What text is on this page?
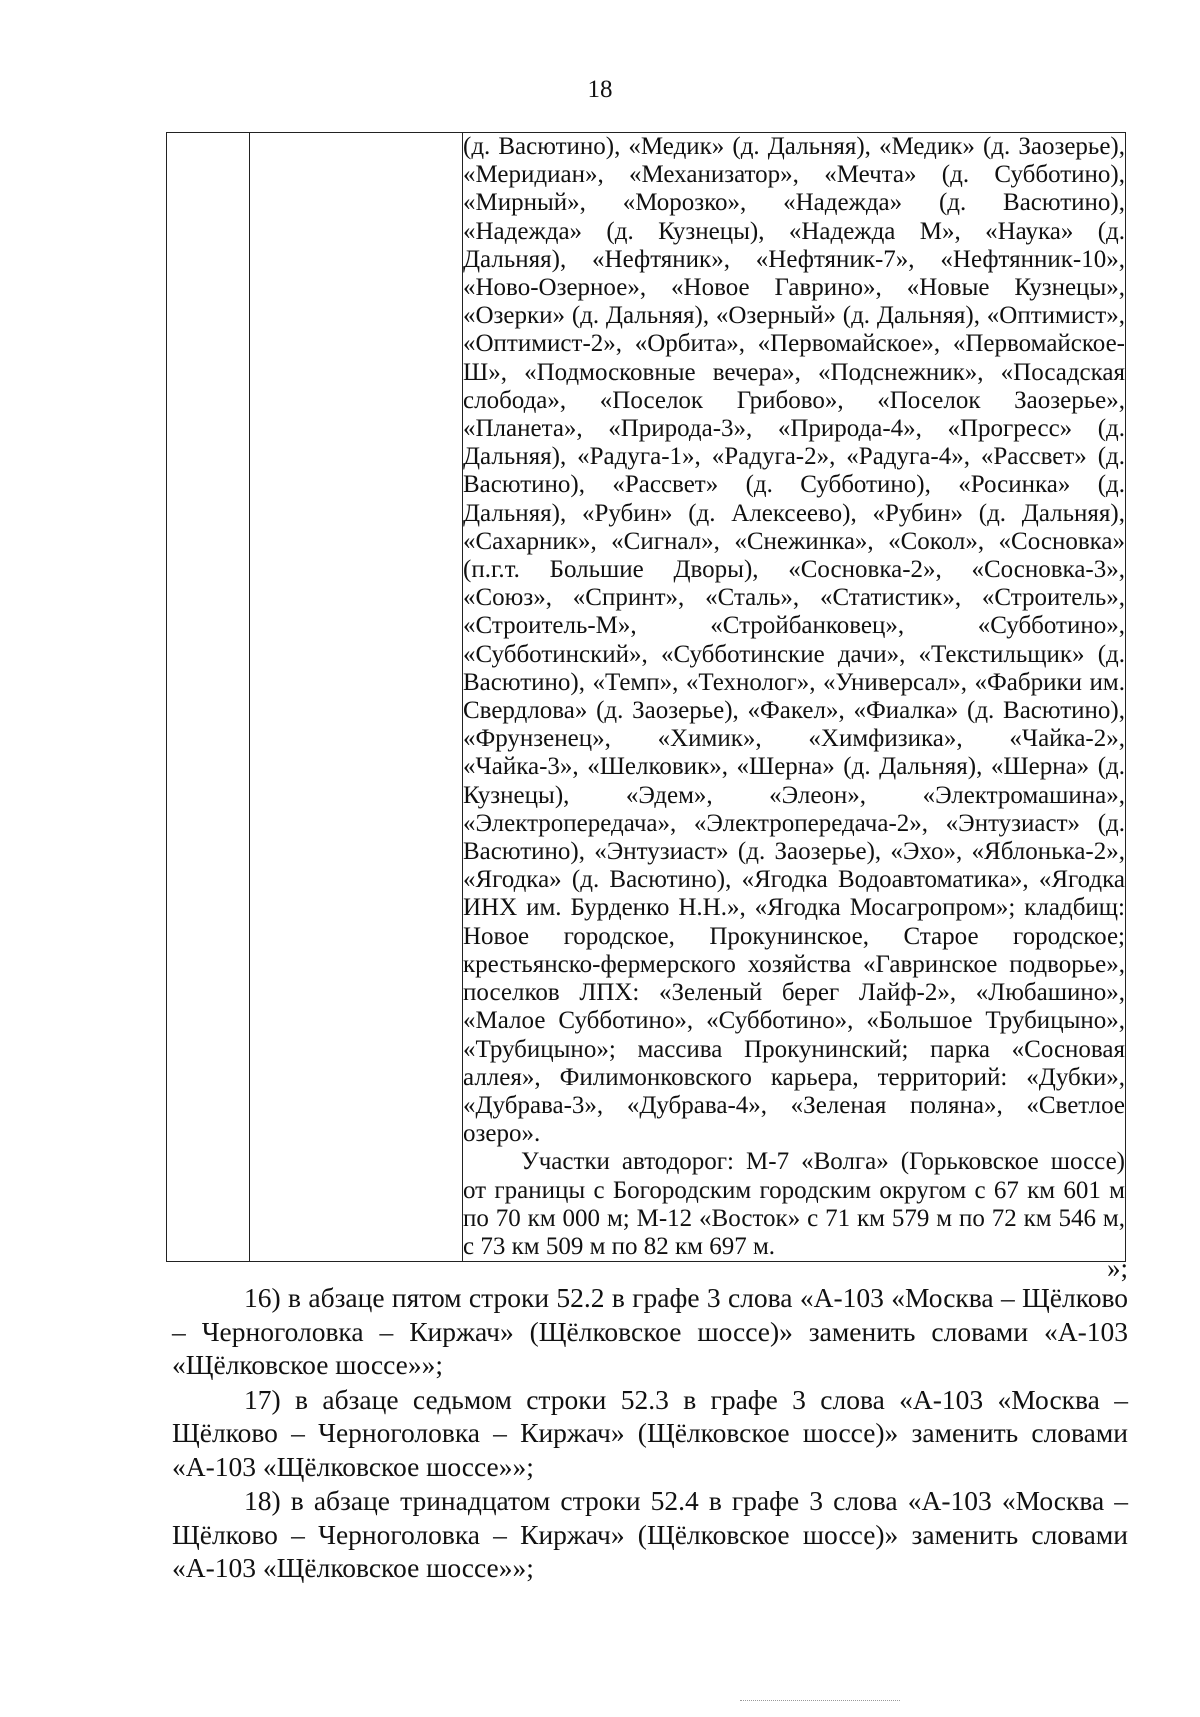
18

(д. Васютино), «Медик» (д. Дальняя), «Медик» (д. Заозерье), «Меридиан», «Механизатор», «Мечта» (д. Субботино), «Мирный», «Морозко», «Надежда» (д. Васютино), «Надежда» (д. Кузнецы), «Надежда М», «Наука» (д. Дальняя), «Нефтяник», «Нефтяник-7», «Нефтянник-10», «Ново-Озерное», «Новое Гаврино», «Новые Кузнецы», «Озерки» (д. Дальняя), «Озерный» (д. Дальняя), «Оптимист», «Оптимист-2», «Орбита», «Первомайское», «Первомайское-Ш», «Подмосковные вечера», «Подснежник», «Посадская слобода», «Поселок Грибово», «Поселок Заозерье», «Планета», «Природа-3», «Природа-4», «Прогресс» (д. Дальняя), «Радуга-1», «Радуга-2», «Радуга-4», «Рассвет» (д. Васютино), «Рассвет» (д. Субботино), «Росинка» (д. Дальняя), «Рубин» (д. Алексеево), «Рубин» (д. Дальняя), «Сахарник», «Сигнал», «Снежинка», «Сокол», «Сосновка» (п.г.т. Большие Дворы), «Сосновка-2», «Сосновка-3», «Союз», «Спринт», «Сталь», «Статистик», «Строитель», «Строитель-М», «Стройбанковец», «Субботино», «Субботинский», «Субботинские дачи», «Текстильщик» (д. Васютино), «Темп», «Технолог», «Универсал», «Фабрики им. Свердлова» (д. Заозерье), «Факел», «Фиалка» (д. Васютино), «Фрунзенец», «Химик», «Химфизика», «Чайка-2», «Чайка-3», «Шелковик», «Шерна» (д. Дальняя), «Шерна» (д. Кузнецы), «Эдем», «Элеон», «Электромашина», «Электропередача», «Электропередача-2», «Энтузиаст» (д. Васютино), «Энтузиаст» (д. Заозерье), «Эхо», «Яблонька-2», «Ягодка» (д. Васютино), «Ягодка Водоавтоматика», «Ягодка ИНХ им. Бурденко Н.Н.», «Ягодка Мосагропром»; кладбищ: Новое городское, Прокунинское, Старое городское; крестьянско-фермерского хозяйства «Гавринское подворье», поселков ЛПХ: «Зеленый берег Лайф-2», «Любашино», «Малое Субботино», «Субботино», «Большое Трубицыно», «Трубицыно»; массива Прокунинский; парка «Сосновая аллея», Филимонковского карьера, территорий: «Дубки», «Дубрава-3», «Дубрава-4», «Зеленая поляна», «Светлое озеро».

Участки автодорог: М-7 «Волга» (Горьковское шоссе) от границы с Богородским городским округом с 67 км 601 м по 70 км 000 м; М-12 «Восток» с 71 км 579 м по 72 км 546 м, с 73 км 509 м по 82 км 697 м.

»;

16) в абзаце пятом строки 52.2 в графе 3 слова «А-103 «Москва – Щёлково – Черноголовка – Киржач» (Щёлковское шоссе)» заменить словами «А-103 «Щёлковское шоссе»»;

17) в абзаце седьмом строки 52.3 в графе 3 слова «А-103 «Москва – Щёлково – Черноголовка – Киржач» (Щёлковское шоссе)» заменить словами «А-103 «Щёлковское шоссе»»;

18) в абзаце тринадцатом строки 52.4 в графе 3 слова «А-103 «Москва – Щёлково – Черноголовка – Киржач» (Щёлковское шоссе)» заменить словами «А-103 «Щёлковское шоссе»»;
